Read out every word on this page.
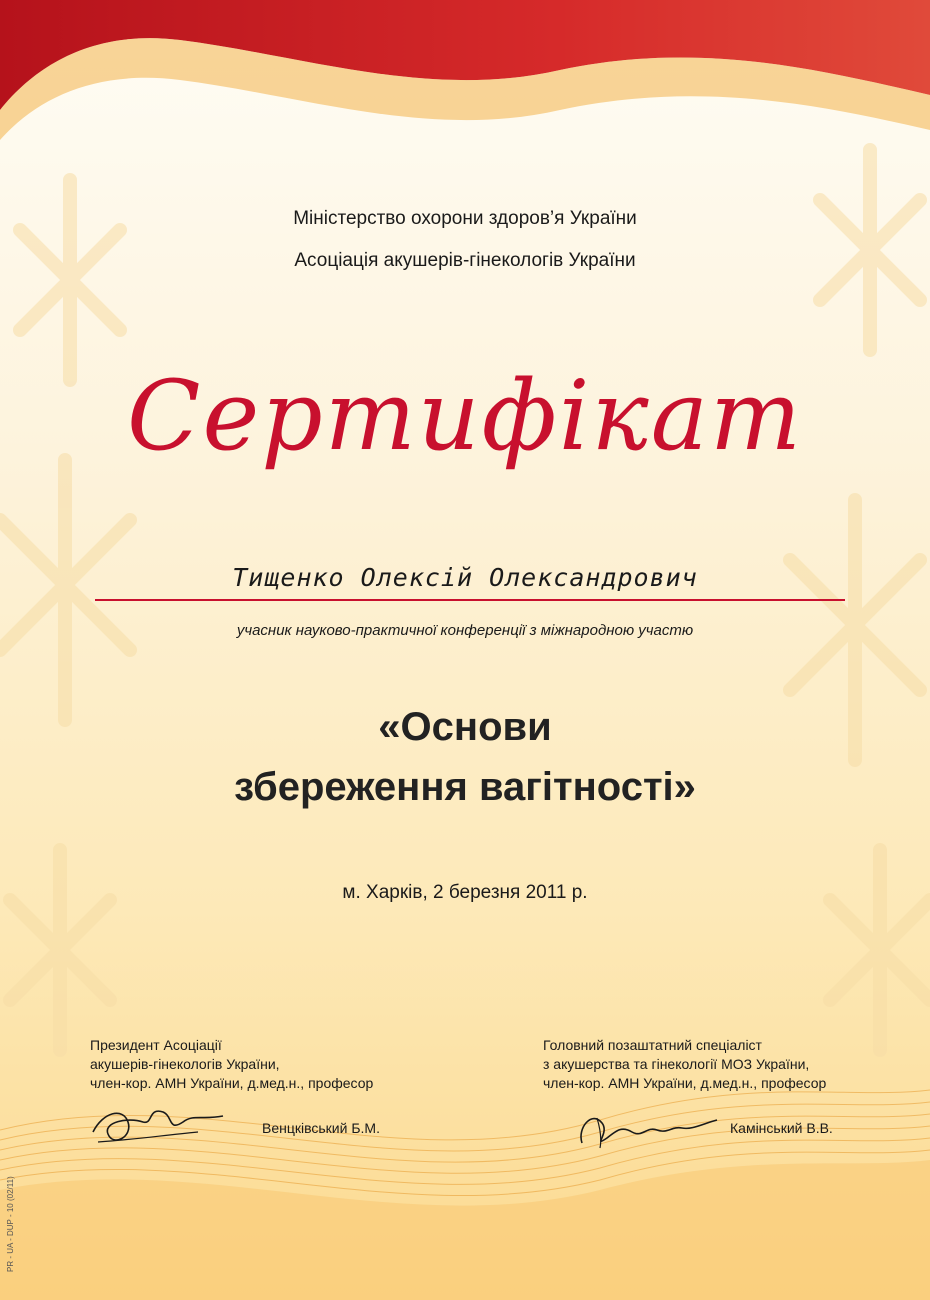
Міністерство охорони здоров’я України
Асоціація акушерів-гінекологів України
Сертифікат
Тищенко Олексій Олександрович
учасник науково-практичної конференції з міжнародною участю
«Основи
збереження вагітності»
м. Харків, 2 березня 2011 р.
Президент Асоціації
акушерів-гінекологів України,
член-кор. АМН України, д.мед.н., професор
Венцківський Б.М.
Головний позаштатний спеціаліст
з акушерства та гінекології МОЗ України,
член-кор. АМН України, д.мед.н., професор
Камінський В.В.
PR - UA - DUP - 10 (02/11)
